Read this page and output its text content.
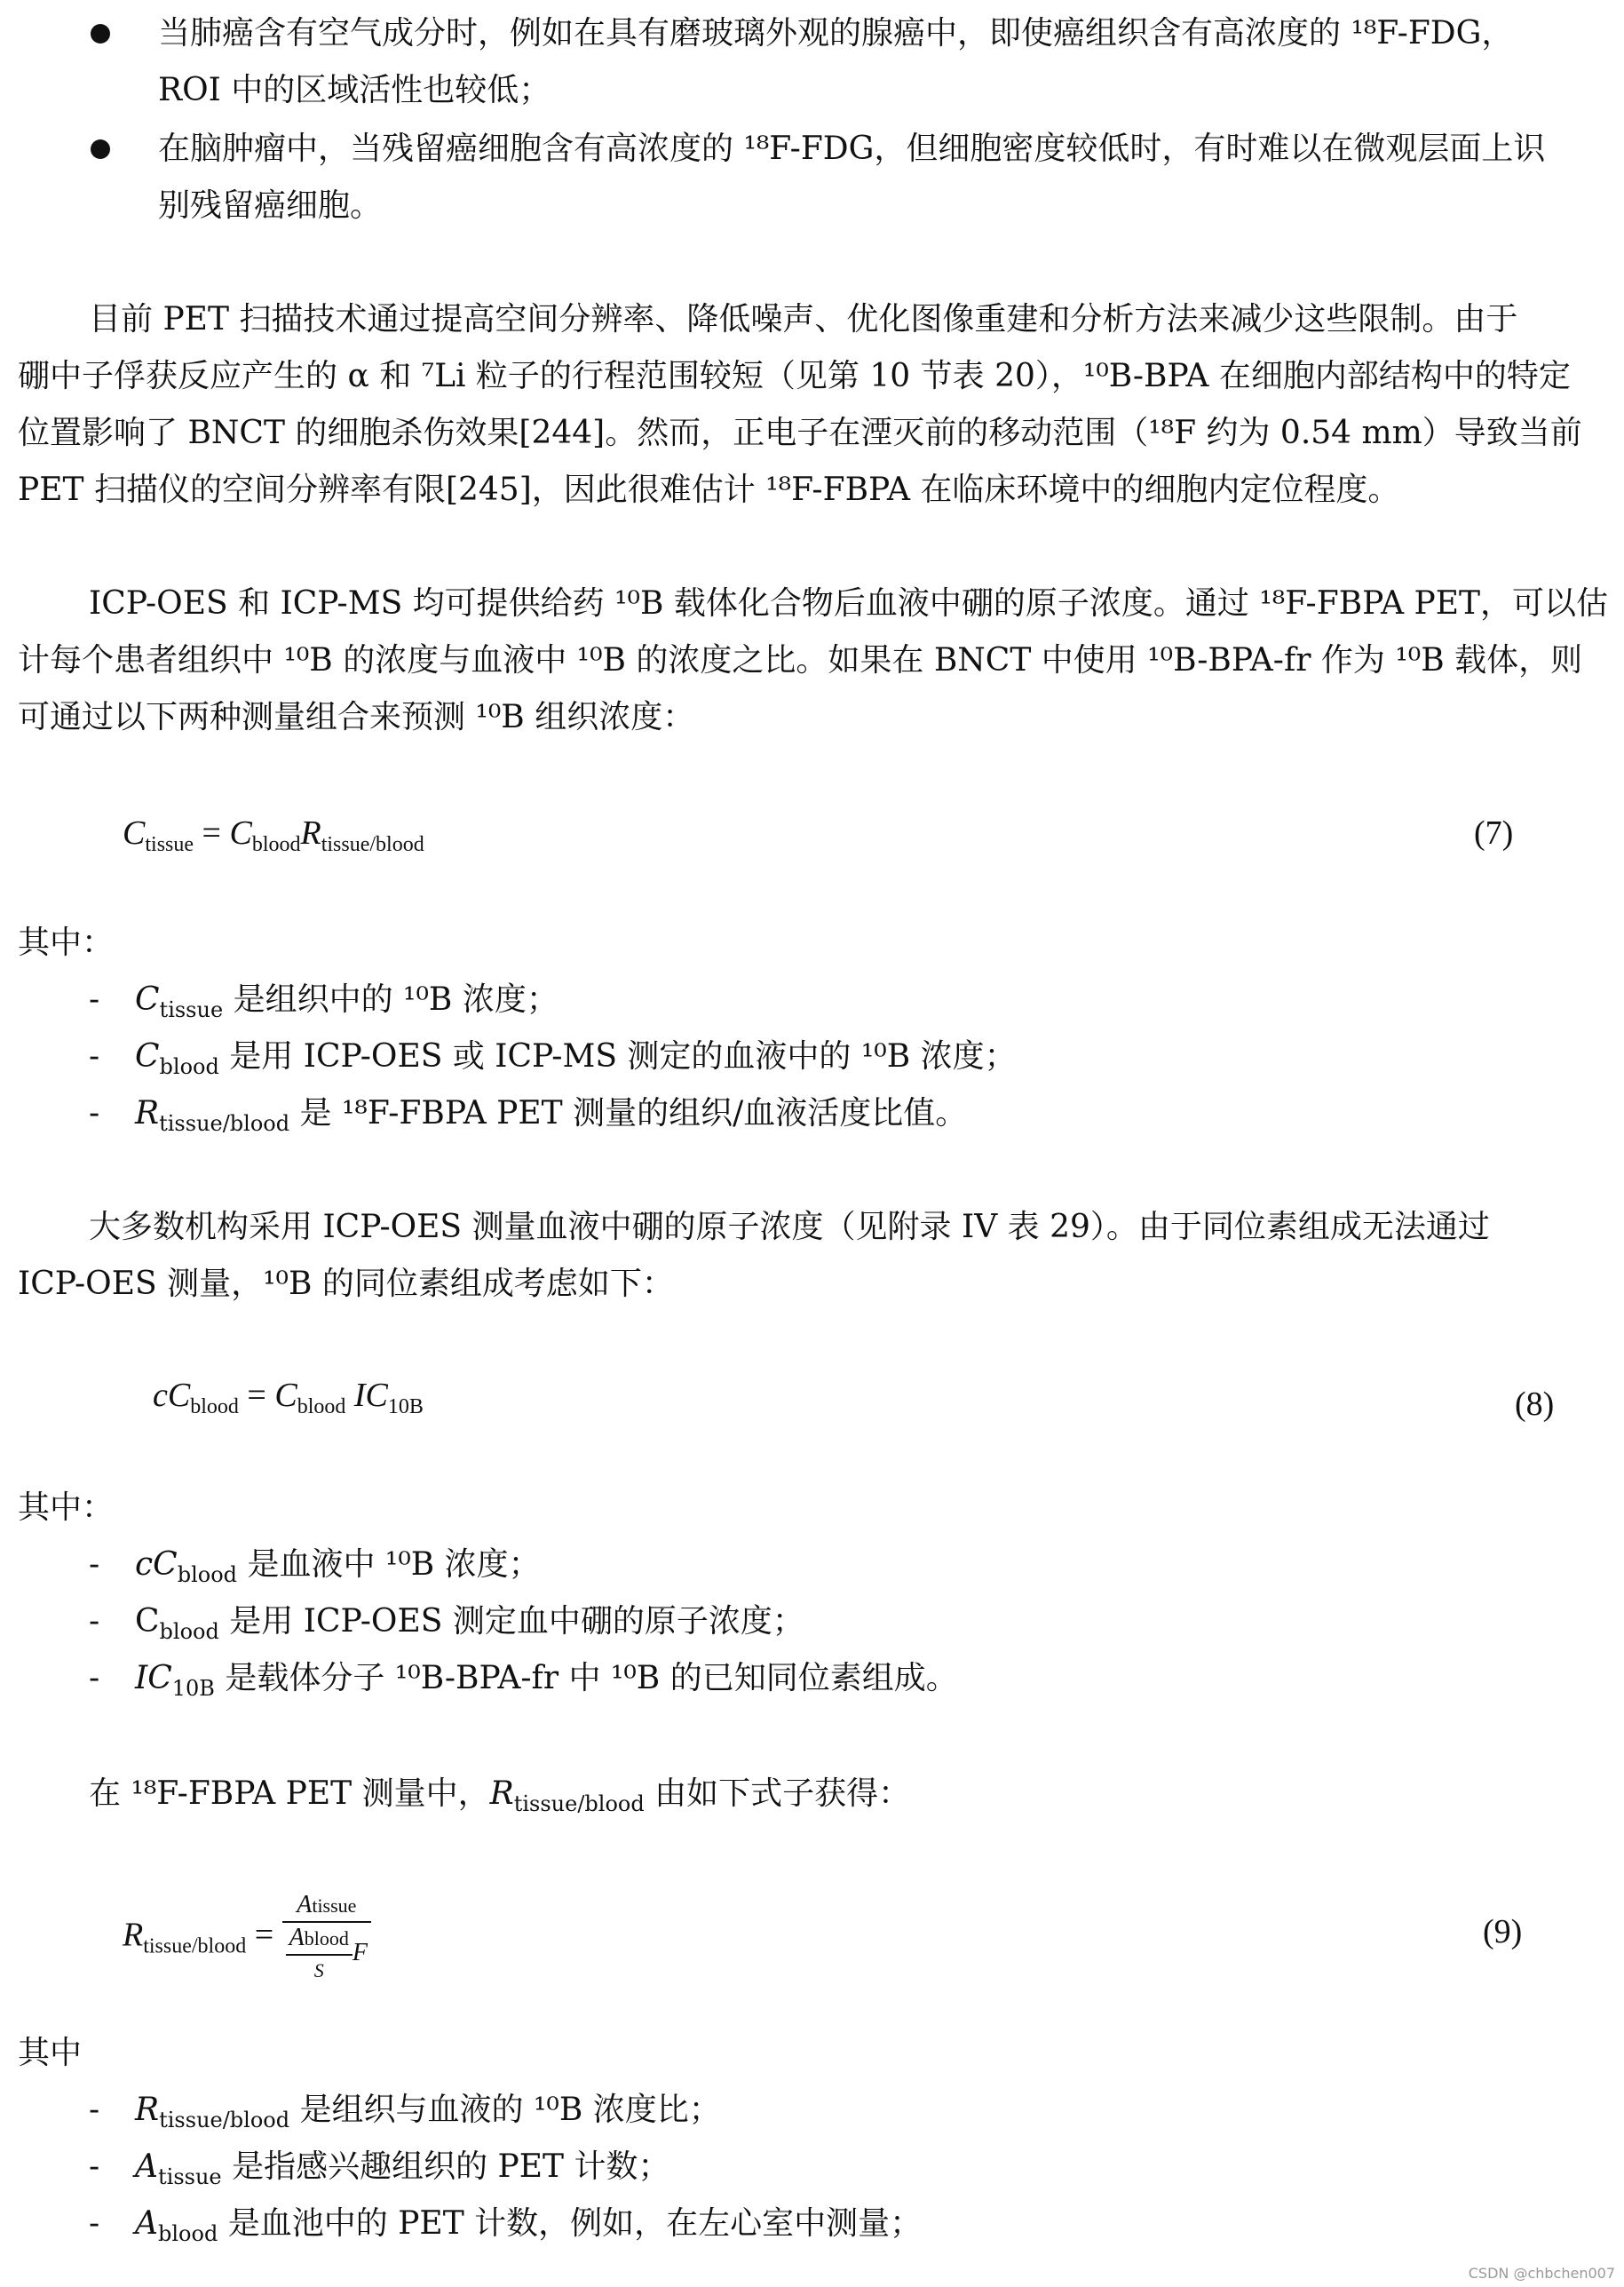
当肺癌含有空气成分时，例如在具有磨玻璃外观的腺癌中，即使癌组织含有高浓度的 ¹⁸F-FDG，
ROI 中的区域活性也较低；
在脑肿瘤中，当残留癌细胞含有高浓度的 ¹⁸F-FDG，但细胞密度较低时，有时难以在微观层面上识
别残留癌细胞。
目前 PET 扫描技术通过提高空间分辨率、降低噪声、优化图像重建和分析方法来减少这些限制。由于
硼中子俘获反应产生的 α 和 ⁷Li 粒子的行程范围较短（见第 10 节表 20），¹⁰B-BPA 在细胞内部结构中的特定
位置影响了 BNCT 的细胞杀伤效果[244]。然而，正电子在湮灭前的移动范围（¹⁸F 约为 0.54 mm）导致当前
PET 扫描仪的空间分辨率有限[245]，因此很难估计 ¹⁸F-FBPA 在临床环境中的细胞内定位程度。
ICP-OES 和 ICP-MS 均可提供给药 ¹⁰B 载体化合物后血液中硼的原子浓度。通过 ¹⁸F-FBPA PET，可以估
计每个患者组织中 ¹⁰B 的浓度与血液中 ¹⁰B 的浓度之比。如果在 BNCT 中使用 ¹⁰B-BPA-fr 作为 ¹⁰B 载体，则
可通过以下两种测量组合来预测 ¹⁰B 组织浓度：
$C_{tissue} = C_{blood}R_{tissue/blood}$	(7)
其中：
- $C_{tissue}$ 是组织中的 ¹⁰B 浓度；
- $C_{blood}$ 是用 ICP-OES 或 ICP-MS 测定的血液中的 ¹⁰B 浓度；
- $R_{tissue/blood}$ 是 ¹⁸F-FBPA PET 测量的组织/血液活度比值。
大多数机构采用 ICP-OES 测量血液中硼的原子浓度（见附录 IV 表 29）。由于同位素组成无法通过
ICP-OES 测量，¹⁰B 的同位素组成考虑如下：
$cC_{blood} = C_{blood}$ $IC_{10B}$	(8)
其中：
- $cC_{blood}$ 是血液中 ¹⁰B 浓度；
- $C_{blood}$ 是用 ICP-OES 测定血中硼的原子浓度；
- $IC_{10B}$ 是载体分子 ¹⁰B-BPA-fr 中 ¹⁰B 的已知同位素组成。
在 ¹⁸F-FBPA PET 测量中，$R_{tissue/blood}$ 由如下式子获得：
$R_{tissue/blood} = \frac{\text{Atissue}}{\frac{\text{Ablood}}{S} F}$	(9)
其中
- $R_{tissue/blood}$ 是组织与血液的 ¹⁰B 浓度比；
- $A_{tissue}$ 是指感兴趣组织的 PET 计数；
- $A_{blood}$ 是血池中的 PET 计数，例如，在左心室中测量；
CSDN @chbchen007
